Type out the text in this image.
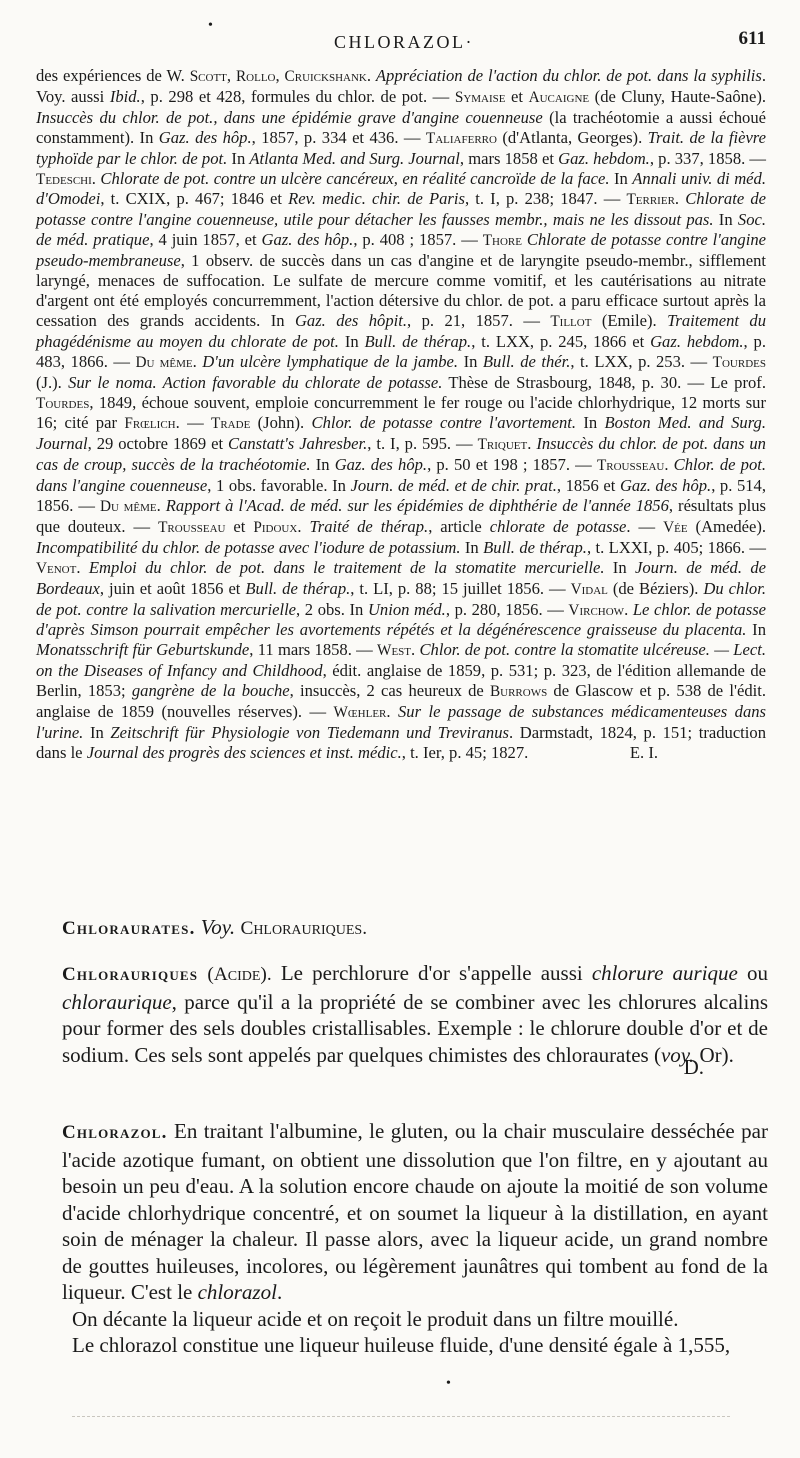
•
CHLORAZOL·	611

des expériences de W. Scott, Rollo, Cruickshank. Appréciation de l'action du chlor. de pot. dans la syphilis. Voy. aussi Ibid., p. 298 et 428, formules du chlor. de pot. — Symaise et Aucaigne (de Cluny, Haute-Saône). Insuccès du chlor. de pot., dans une épidémie grave d'angine couenneuse (la trachéotomie a aussi échoué constamment). In Gaz. des hôp., 1857, p. 334 et 436. — Taliaferro (d'Atlanta, Georges). Trait. de la fièvre typhoïde par le chlor. de pot. In Atlanta Med. and Surg. Journal, mars 1858 et Gaz. hebdom., p. 337, 1858. — Tedeschi. Chlorate de pot. contre un ulcère cancéreux, en réalité cancroïde de la face. In Annali univ. di méd. d'Omodei, t. CXIX, p. 467; 1846 et Rev. medic. chir. de Paris, t. I, p. 238; 1847. — Terrier. Chlorate de potasse contre l'angine couenneuse, utile pour détacher les fausses membr., mais ne les dissout pas. In Soc. de méd. pratique, 4 juin 1857, et Gaz. des hôp., p. 408 ; 1857. — Thore Chlorate de potasse contre l'angine pseudo-membraneuse, 1 observ. de succès dans un cas d'angine et de laryngite pseudo-membr., sifflement laryngé, menaces de suffocation. Le sulfate de mercure comme vomitif, et les cautérisations au nitrate d'argent ont été employés concurremment, l'action détersive du chlor. de pot. a paru efficace surtout après la cessation des grands accidents. In Gaz. des hôpit., p. 21, 1857. — Tillot (Emile). Traitement du phagédénisme au moyen du chlorate de pot. In Bull. de thérap., t. LXX, p. 245, 1866 et Gaz. hebdom., p. 483, 1866. — Du même. D'un ulcère lymphatique de la jambe. In Bull. de thér., t. LXX, p. 253. — Tourdes (J.). Sur le noma. Action favorable du chlorate de potasse. Thèse de Strasbourg, 1848, p. 30. — Le prof. Tourdes, 1849, échoue souvent, emploie concurremment le fer rouge ou l'acide chlorhydrique, 12 morts sur 16; cité par Frœlich. — Trade (John). Chlor. de potasse contre l'avortement. In Boston Med. and Surg. Journal, 29 octobre 1869 et Canstatt's Jahresber., t. I, p. 595. — Triquet. Insuccès du chlor. de pot. dans un cas de croup, succès de la trachéotomie. In Gaz. des hôp., p. 50 et 198 ; 1857. — Trousseau. Chlor. de pot. dans l'angine couenneuse, 1 obs. favorable. In Journ. de méd. et de chir. prat., 1856 et Gaz. des hôp., p. 514, 1856. — Du même. Rapport à l'Acad. de méd. sur les épidémies de diphthérie de l'année 1856, résultats plus que douteux. — Trousseau et Pidoux. Traité de thérap., article chlorate de potasse. — Vée (Amedée). Incompatibilité du chlor. de potasse avec l'iodure de potassium. In Bull. de thérap., t. LXXI, p. 405; 1866. — Venot. Emploi du chlor. de pot. dans le traitement de la stomatite mercurielle. In Journ. de méd. de Bordeaux, juin et août 1856 et Bull. de thérap., t. LI, p. 88; 15 juillet 1856. — Vidal (de Béziers). Du chlor. de pot. contre la salivation mercurielle, 2 obs. In Union méd., p. 280, 1856. — Virchow. Le chlor. de potasse d'après Simson pourrait empêcher les avortements répétés et la dégénérescence graisseuse du placenta. In Monatsschrift für Geburtskunde, 11 mars 1858. — West. Chlor. de pot. contre la stomatite ulcéreuse. — Lect. on the Diseases of Infancy and Childhood, édit. anglaise de 1859, p. 531; p. 323, de l'édition allemande de Berlin, 1853; gangrène de la bouche, insuccès, 2 cas heureux de Burrows de Glascow et p. 538 de l'édit. anglaise de 1859 (nouvelles réserves). — Wœhler. Sur le passage de substances médicamenteuses dans l'urine. In Zeitschrift für Physiologie von Tiedemann und Treviranus. Darmstadt, 1824, p. 151; traduction dans le Journal des progrès des sciences et inst. médic., t. Ier, p. 45; 1827.	E. I.

Chloraurates. Voy. Chlorauriques.

Chlorauriques (Acide). Le perchlorure d'or s'appelle aussi chlorure aurique ou chloraurique, parce qu'il a la propriété de se combiner avec les chlorures alcalins pour former des sels doubles cristallisables. Exemple : le chlorure double d'or et de sodium. Ces sels sont appelés par quelques chimistes des chloraurates (voy. Or).

D.

Chlorazol. En traitant l'albumine, le gluten, ou la chair musculaire desséchée par l'acide azotique fumant, on obtient une dissolution que l'on filtre, en y ajoutant au besoin un peu d'eau. A la solution encore chaude on ajoute la moitié de son volume d'acide chlorhydrique concentré, et on soumet la liqueur à la distillation, en ayant soin de ménager la chaleur. Il passe alors, avec la liqueur acide, un grand nombre de gouttes huileuses, incolores, ou légèrement jaunâtres qui tombent au fond de la liqueur. C'est le chlorazol.

On décante la liqueur acide et on reçoit le produit dans un filtre mouillé.

Le chlorazol constitue une liqueur huileuse fluide, d'une densité égale à 1,555,

•
